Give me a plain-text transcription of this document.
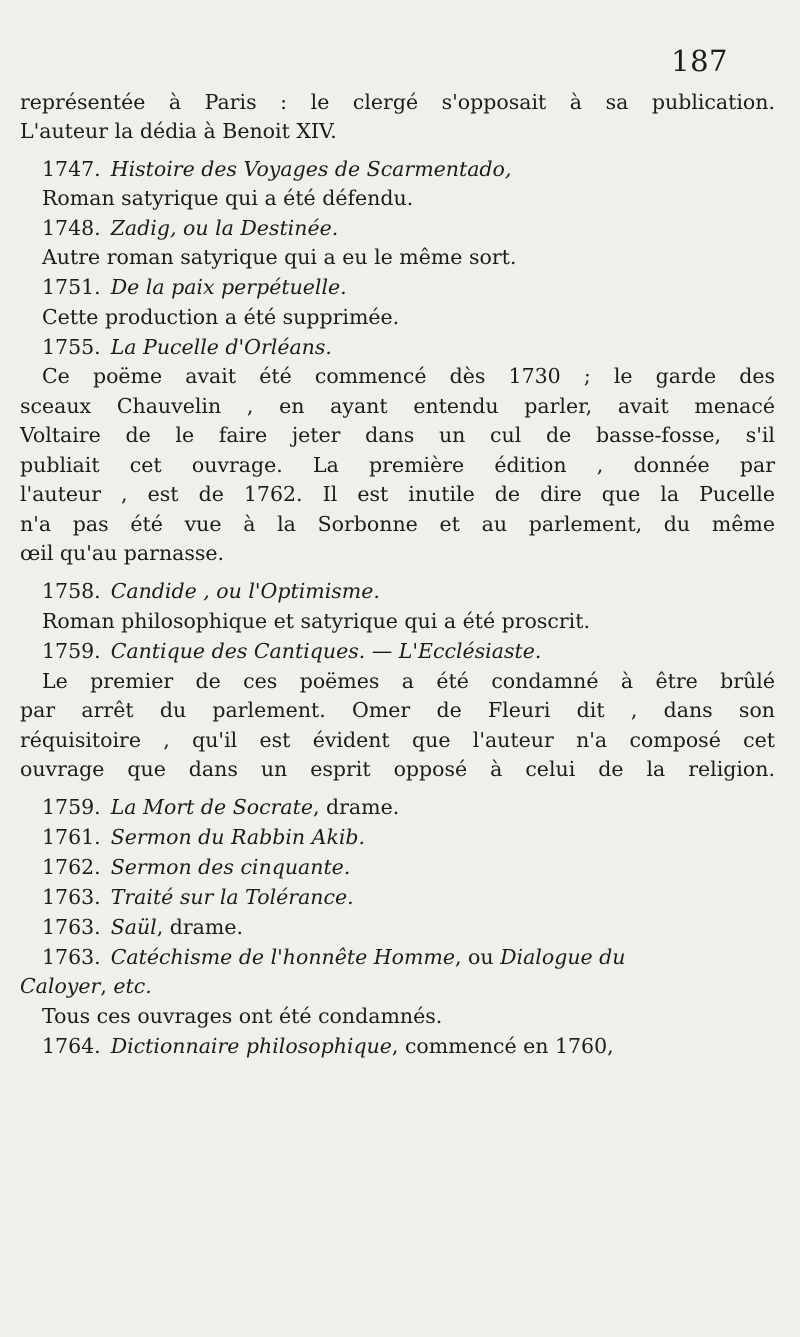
187
représentée à Paris : le clergé s'opposait à sa publication.
L'auteur la dédia à Benoit XIV.
1747. Histoire des Voyages de Scarmentado,
Roman satyrique qui a été défendu.
1748. Zadig, ou la Destinée.
Autre roman satyrique qui a eu le même sort.
1751. De la paix perpétuelle.
Cette production a été supprimée.
1755. La Pucelle d'Orléans.
Ce poëme avait été commencé dès 1730 ; le garde des
sceaux Chauvelin , en ayant entendu parler, avait menacé
Voltaire de le faire jeter dans un cul de basse-fosse, s'il
publiait cet ouvrage. La première édition , donnée par
l'auteur , est de 1762. Il est inutile de dire que la Pucelle
n'a pas été vue à la Sorbonne et au parlement, du même
œil qu'au parnasse.
1758. Candide , ou l'Optimisme.
Roman philosophique et satyrique qui a été proscrit.
1759. Cantique des Cantiques. — L'Ecclésiaste.
Le premier de ces poëmes a été condamné à être brûlé
par arrêt du parlement. Omer de Fleuri dit , dans son
réquisitoire , qu'il est évident que l'auteur n'a composé cet
ouvrage que dans un esprit opposé à celui de la religion.
1759. La Mort de Socrate, drame.
1761. Sermon du Rabbin Akib.
1762. Sermon des cinquante.
1763. Traité sur la Tolérance.
1763. Saül, drame.
1763. Catéchisme de l'honnête Homme, ou Dialogue du
Caloyer, etc.
Tous ces ouvrages ont été condamnés.
1764. Dictionnaire philosophique, commencé en 1760,
